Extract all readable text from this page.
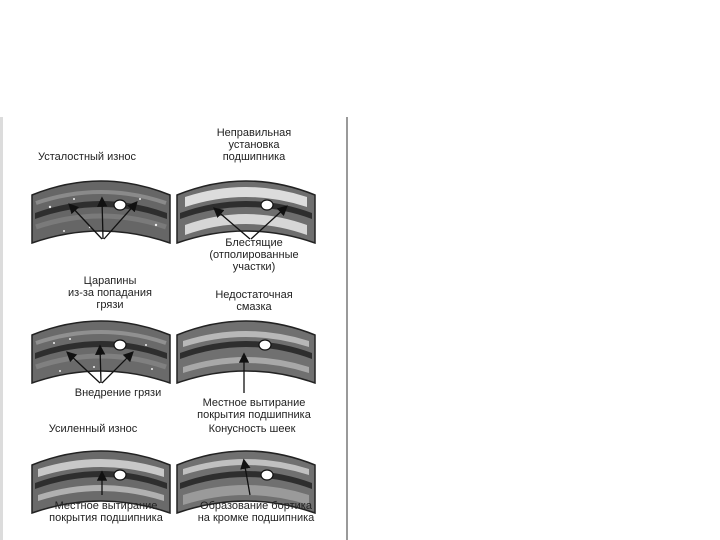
Усталостный износ
Неправильная
установка
подшипника
Блестящие
(отполированные
участки)
Царапины
из-за попадания
грязи
Внедрение грязи
Недостаточная
смазка
Местное вытирание
покрытия подшипника
Усиленный износ
Местное вытирание
покрытия подшипника
Конусность шеек
Образование бортика
на кромке подшипника
